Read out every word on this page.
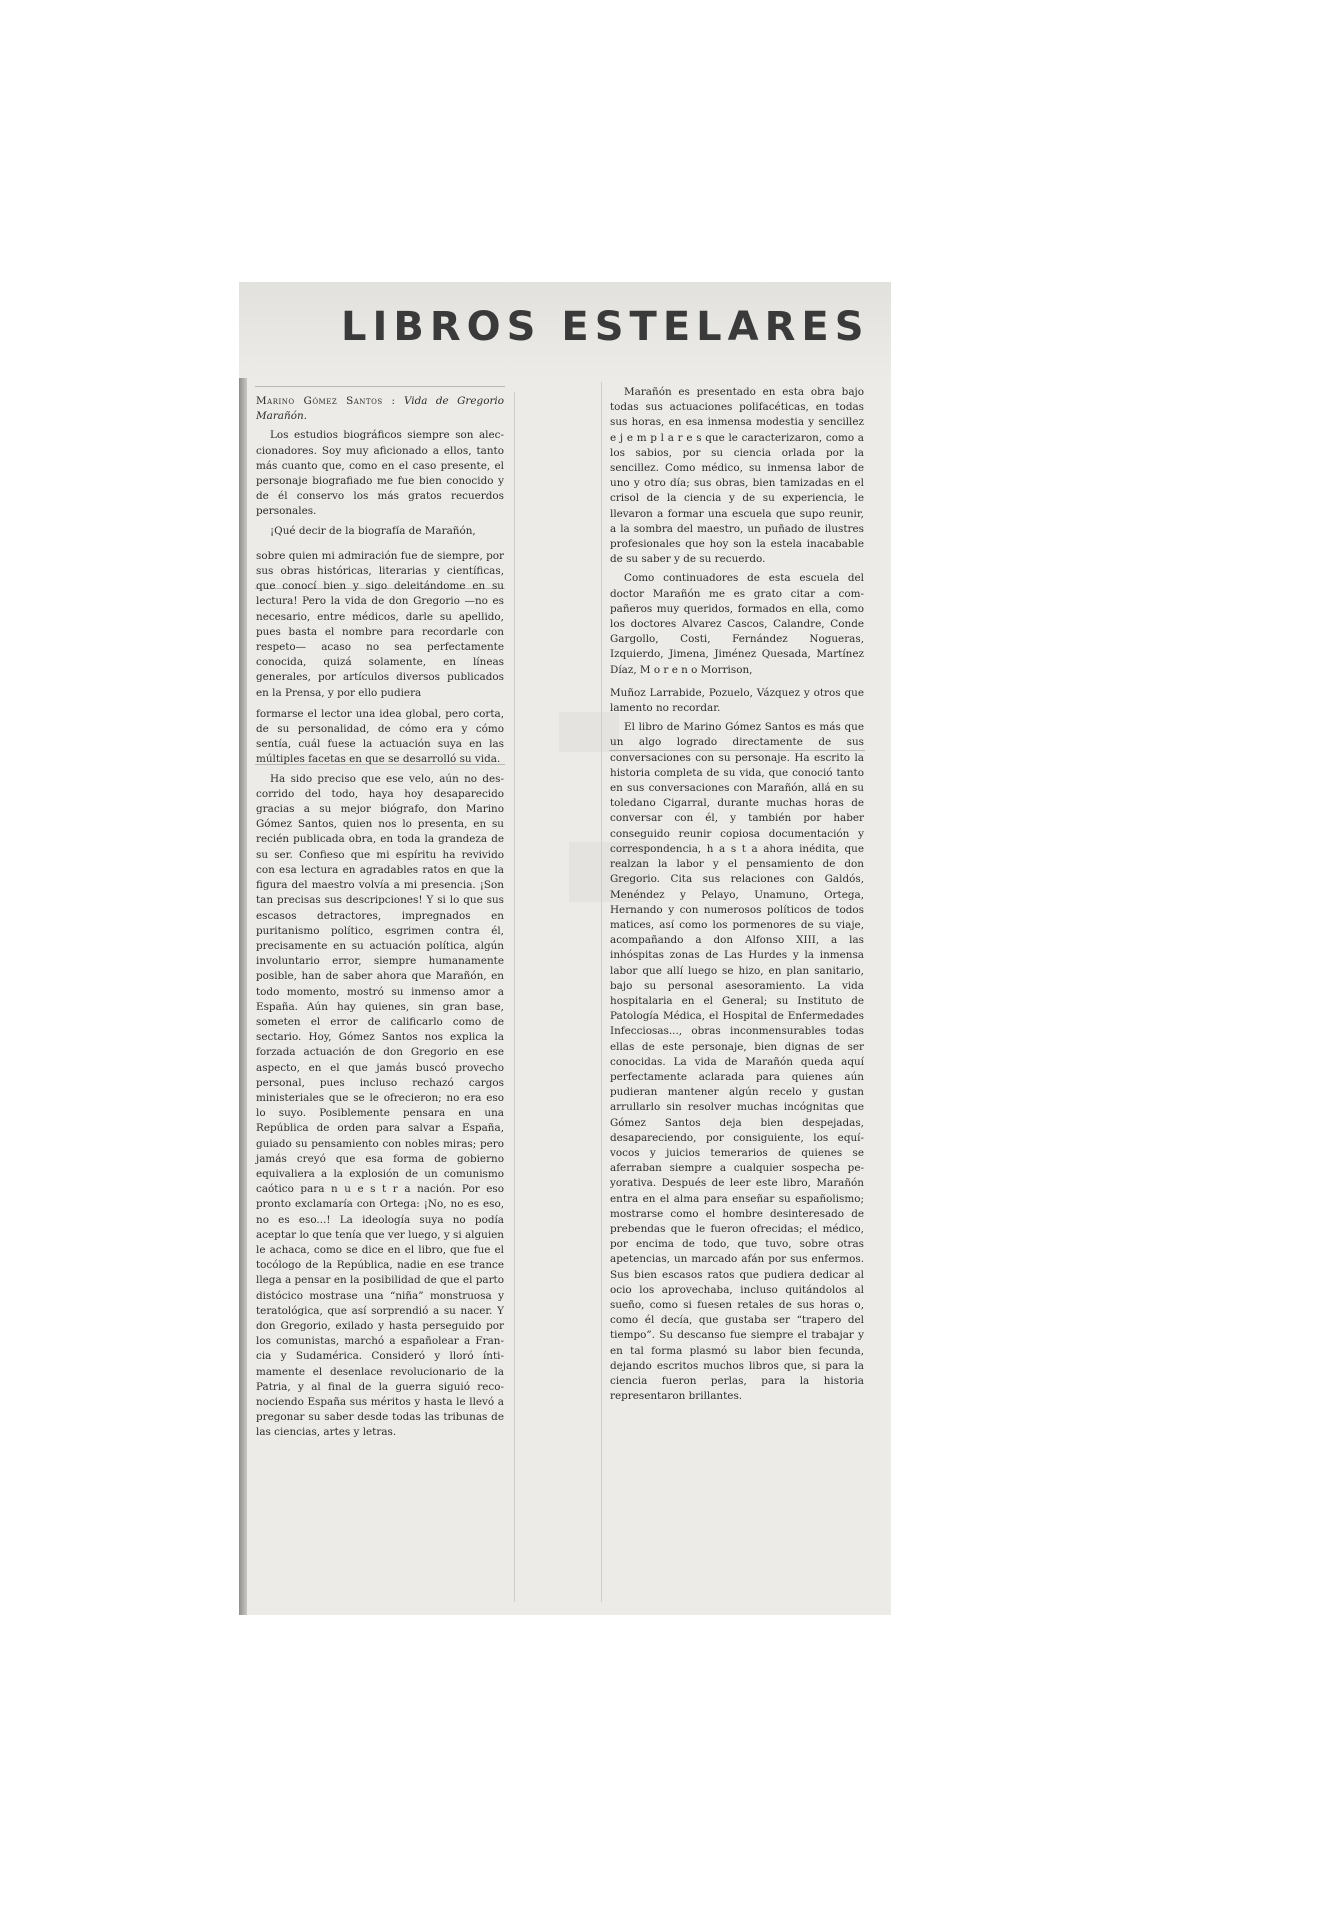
LIBROS ESTELARES

Marino Gómez Santos : Vida de Gregorio Marañón.

Los estudios biográficos siempre son aleccionadores. Soy muy aficionado a ellos, tanto más cuanto que, como en el caso presente, el personaje biografiado me fue bien conocido y de él conservo los más gratos recuerdos personales.

¡Qué decir de la biografía de Marañón,

sobre quien mi admiración fue de siempre, por sus obras históricas, literarias y científicas, que conocí bien y sigo deleitándome en su lectura! Pero la vida de don Gregorio —no es necesario, entre médicos, darle su apellido, pues basta el nombre para recordarle con respeto— acaso no sea perfectamente conocida, quizá solamente, en líneas generales, por artículos diversos publicados en la Prensa, y por ello pudiera

formarse el lector una idea global, pero corta, de su personalidad, de cómo era y cómo sentía, cuál fuese la actuación suya en las múltiples facetas en que se desarrolló su vida.

Ha sido preciso que ese velo, aún no descorrido del todo, haya hoy desaparecido gracias a su mejor biógrafo, don Marino Gómez Santos, quien nos lo presenta, en su recién publicada obra, en toda la grandeza de su ser. Confieso que mi espíritu ha revivido con esa lectura en agradables ratos en que la figura del maestro volvía a mi presencia. ¡Son tan precisas sus descripciones! Y si lo que sus escasos detractores, impregnados en puritanismo político, esgrimen contra él, precisamente en su actuación política, algún involuntario error, siempre humanamente posible, han de saber ahora que Marañón, en todo momento, mostró su inmenso amor a España. Aún hay quienes, sin gran base, someten el error de calificarlo como de sectario. Hoy, Gómez Santos nos explica la forzada actuación de don Gregorio en ese aspecto, en el que jamás buscó provecho personal, pues incluso rechazó cargos ministeriales que se le ofrecieron; no era eso lo suyo. Posiblemente pensara en una República de orden para salvar a España, guiado su pensamiento con nobles miras; pero jamás creyó que esa forma de gobierno equivaliera a la explosión de un comunismo caótico para n u e s t r a nación. Por eso pronto exclamaría con Ortega: ¡No, no es eso, no es eso...! La ideología suya no podía aceptar lo que tenía que ver luego, y si alguien le achaca, como se dice en el libro, que fue el tocólogo de la República, nadie en ese trance llega a pensar en la posibilidad de que el parto distócico mostrase una “niña” monstruosa y teratológica, que así sorprendió a su nacer. Y don Gregorio, exilado y hasta perseguido por los comunistas, marchó a españolear a Francia y Sudamérica. Consideró y lloró íntimamente el desenlace revolucionario de la Patria, y al final de la guerra siguió reconociendo España sus méritos y hasta le llevó a pregonar su saber desde todas las tribunas de las ciencias, artes y letras.

Marañón es presentado en esta obra bajo todas sus actuaciones polifacéticas, en todas sus horas, en esa inmensa modestia y sencillez e j e m p l a r e s que le caracterizaron, como a los sabios, por su ciencia orlada por la sencillez. Como médico, su inmensa labor de uno y otro día; sus obras, bien tamizadas en el crisol de la ciencia y de su experiencia, le llevaron a formar una escuela que supo reunir, a la sombra del maestro, un puñado de ilustres profesionales que hoy son la estela inacabable de su saber y de su recuerdo.

Como continuadores de esta escuela del doctor Marañón me es grato citar a compañeros muy queridos, formados en ella, como los doctores Alvarez Cascos, Calandre, Conde Gargollo, Costi, Fernández Nogueras, Izquierdo, Jimena, Jiménez Quesada, Martínez Díaz, M o r e n o Morrison,

Muñoz Larrabide, Pozuelo, Vázquez y otros que lamento no recordar.

El libro de Marino Gómez Santos es más que un algo logrado directamente de sus conversaciones con su personaje. Ha escrito la historia completa de su vida, que conoció tanto en sus conversaciones con Marañón, allá en su toledano Cigarral, durante muchas horas de conversar con él, y también por haber conseguido reunir copiosa documentación y correspondencia, h a s t a ahora inédita, que realzan la labor y el pensamiento de don Gregorio. Cita sus relaciones con Galdós, Menéndez y Pelayo, Unamuno, Ortega, Hernando y con numerosos políticos de todos matices, así como los pormenores de su viaje, acompañando a don Alfonso XIII, a las inhóspitas zonas de Las Hurdes y la inmensa labor que allí luego se hizo, en plan sanitario, bajo su personal asesoramiento. La vida hospitalaria en el General; su Instituto de Patología Médica, el Hospital de Enfermedades Infecciosas..., obras inconmensurables todas ellas de este personaje, bien dignas de ser conocidas. La vida de Marañón queda aquí perfectamente aclarada para quienes aún pudieran mantener algún recelo y gustan arrullarlo sin resolver muchas incógnitas que Gómez Santos deja bien despejadas, desapareciendo, por consiguiente, los equívocos y juicios temerarios de quienes se aferraban siempre a cualquier sospecha peyorativa. Después de leer este libro, Marañón entra en el alma para enseñar su españolismo; mostrarse como el hombre desinteresado de prebendas que le fueron ofrecidas; el médico, por encima de todo, que tuvo, sobre otras apetencias, un marcado afán por sus enfermos. Sus bien escasos ratos que pudiera dedicar al ocio los aprovechaba, incluso quitándolos al sueño, como si fuesen retales de sus horas o, como él decía, que gustaba ser “trapero del tiempo”. Su descanso fue siempre el trabajar y en tal forma plasmó su labor bien fecunda, dejando escritos muchos libros que, si para la ciencia fueron perlas, para la historia representaron brillantes.
